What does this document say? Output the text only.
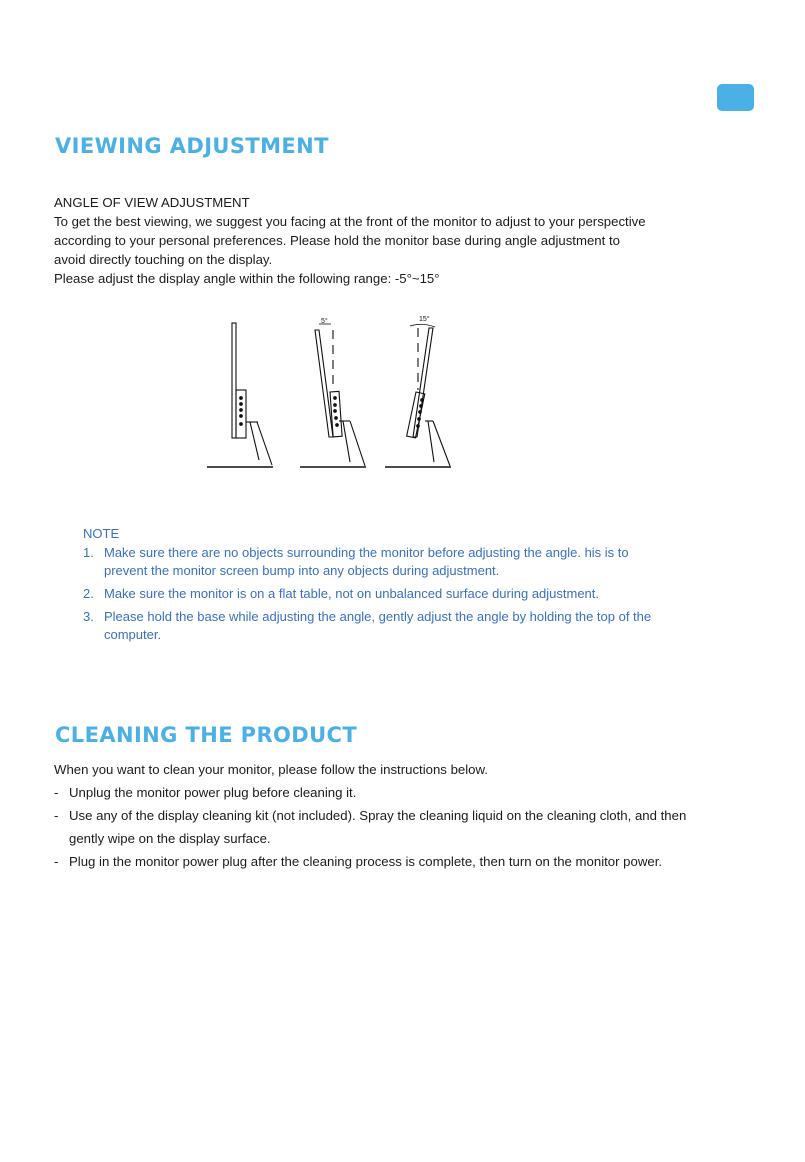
VIEWING ADJUSTMENT
ANGLE OF VIEW ADJUSTMENT
To get the best viewing, we suggest you facing at the front of the monitor to adjust to your perspective
according to your personal preferences. Please hold the monitor base during angle adjustment to
avoid directly touching on the display.
Please adjust the display angle within the following range: -5°~15°
5°	15°
NOTE
1. Make sure there are no objects surrounding the monitor before adjusting the angle. his is to
prevent the monitor screen bump into any objects during adjustment.
2. Make sure the monitor is on a flat table, not on unbalanced surface during adjustment.
3. Please hold the base while adjusting the angle, gently adjust the angle by holding the top of the
computer.
CLEANING THE PRODUCT
When you want to clean your monitor, please follow the instructions below.
- Unplug the monitor power plug before cleaning it.
- Use any of the display cleaning kit (not included). Spray the cleaning liquid on the cleaning cloth, and then
gently wipe on the display surface.
- Plug in the monitor power plug after the cleaning process is complete, then turn on the monitor power.
